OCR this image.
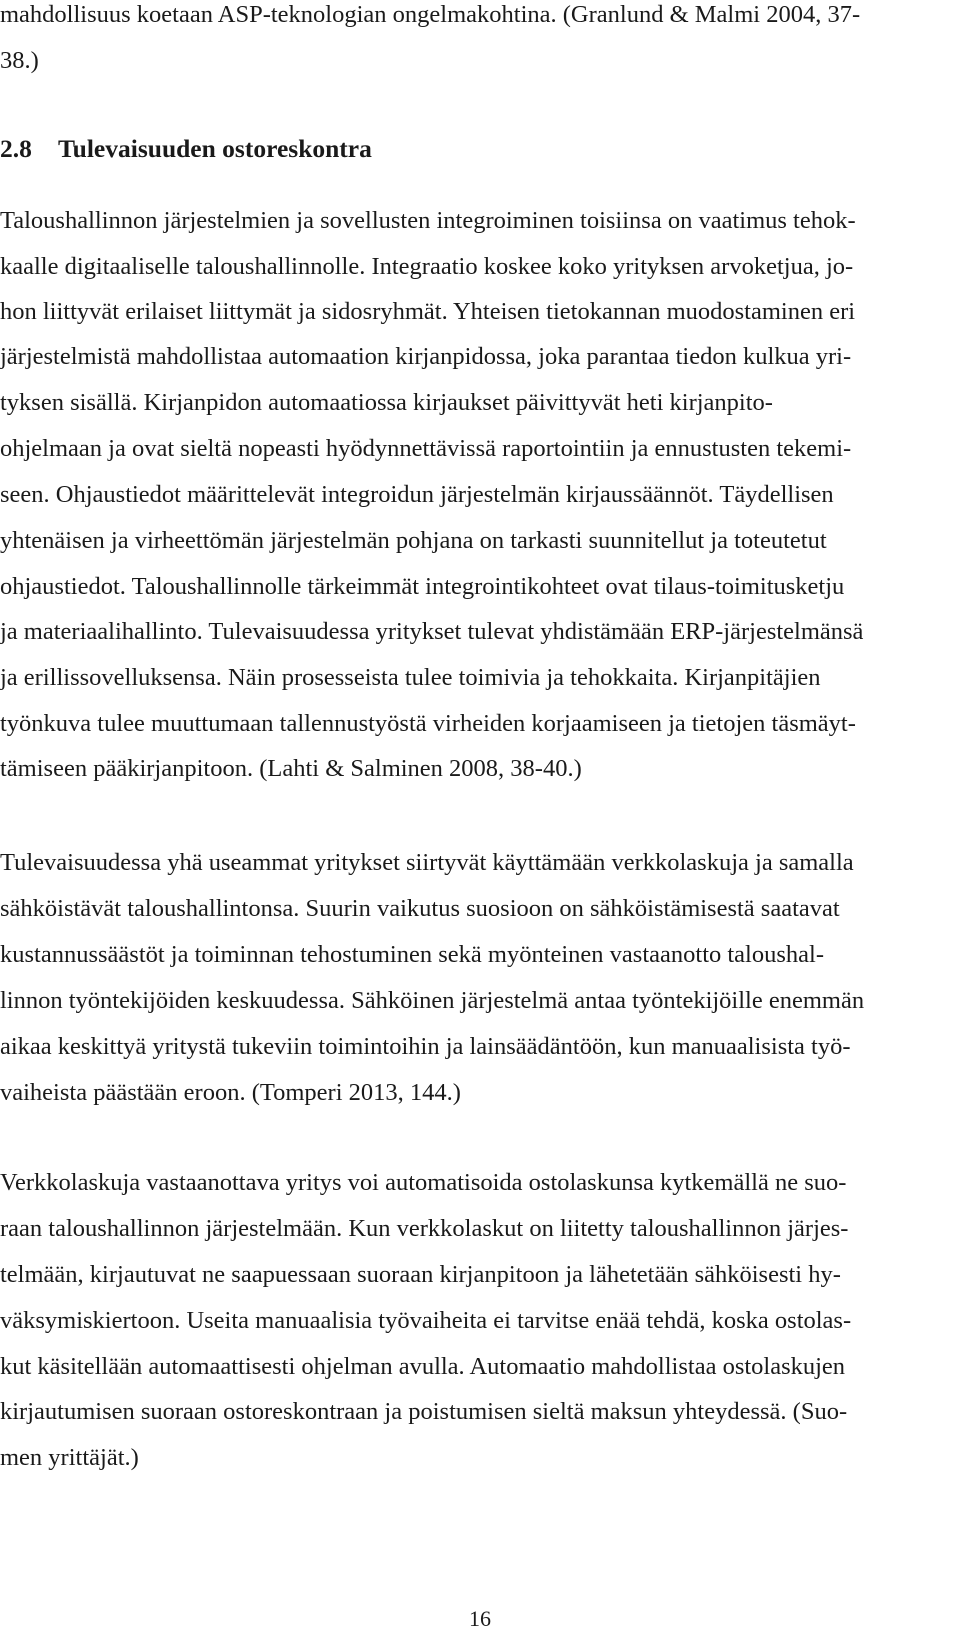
mahdollisuus koetaan ASP-teknologian ongelmakohtina. (Granlund & Malmi 2004, 37-
38.)
2.8 Tulevaisuuden ostoreskontra
Taloushallinnon järjestelmien ja sovellusten integroiminen toisiinsa on vaatimus tehok-
kaalle digitaaliselle taloushallinnolle. Integraatio koskee koko yrityksen arvoketjua, jo-
hon liittyvät erilaiset liittymät ja sidosryhmät. Yhteisen tietokannan muodostaminen eri
järjestelmistä mahdollistaa automaation kirjanpidossa, joka parantaa tiedon kulkua yri-
tyksen sisällä. Kirjanpidon automaatiossa kirjaukset päivittyvät heti kirjanpito-
ohjelmaan ja ovat sieltä nopeasti hyödynnettävissä raportointiin ja ennustusten tekemi-
seen. Ohjaustiedot määrittelevät integroidun järjestelmän kirjaussäännöt. Täydellisen
yhtenäisen ja virheettömän järjestelmän pohjana on tarkasti suunnitellut ja toteutetut
ohjaustiedot. Taloushallinnolle tärkeimmät integrointikohteet ovat tilaus-toimitusketju
ja materiaalihallinto. Tulevaisuudessa yritykset tulevat yhdistämään ERP-järjestelmänsä
ja erillissovelluksensa. Näin prosesseista tulee toimivia ja tehokkaita. Kirjanpitäjien
työnkuva tulee muuttumaan tallennustyöstä virheiden korjaamiseen ja tietojen täsmäyt-
tämiseen pääkirjanpitoon. (Lahti & Salminen 2008, 38-40.)
Tulevaisuudessa yhä useammat yritykset siirtyvät käyttämään verkkolaskuja ja samalla
sähköistävät taloushallintonsa. Suurin vaikutus suosioon on sähköistämisestä saatavat
kustannussäästöt ja toiminnan tehostuminen sekä myönteinen vastaanotto taloushal-
linnon työntekijöiden keskuudessa. Sähköinen järjestelmä antaa työntekijöille enemmän
aikaa keskittyä yritystä tukeviin toimintoihin ja lainsäädäntöön, kun manuaalisista työ-
vaiheista päästään eroon. (Tomperi 2013, 144.)
Verkkolaskuja vastaanottava yritys voi automatisoida ostolaskunsa kytkemällä ne suo-
raan taloushallinnon järjestelmään. Kun verkkolaskut on liitetty taloushallinnon järjes-
telmään, kirjautuvat ne saapuessaan suoraan kirjanpitoon ja lähetetään sähköisesti hy-
väksymiskiertoon. Useita manuaalisia työvaiheita ei tarvitse enää tehdä, koska ostolas-
kut käsitellään automaattisesti ohjelman avulla. Automaatio mahdollistaa ostolaskujen
kirjautumisen suoraan ostoreskontraan ja poistumisen sieltä maksun yhteydessä. (Suo-
men yrittäjät.)
16
